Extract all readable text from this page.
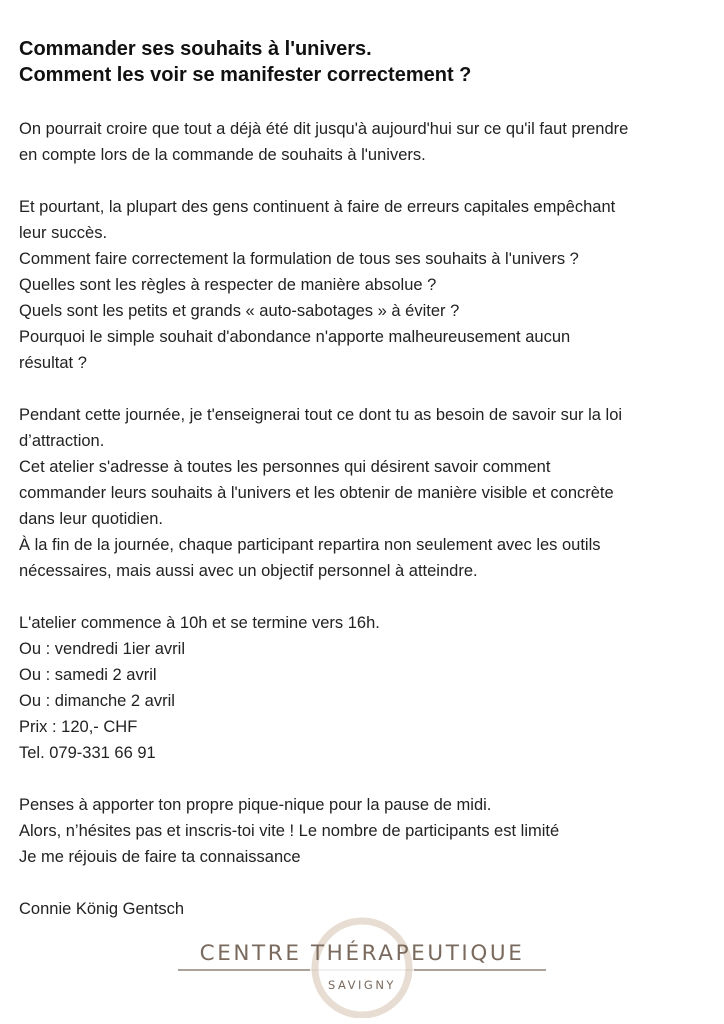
Commander ses souhaits à l'univers.
Comment les voir se manifester correctement ?

On pourrait croire que tout a déjà été dit jusqu'à aujourd'hui sur ce qu'il faut prendre
en compte lors de la commande de souhaits à l'univers.

Et pourtant, la plupart des gens continuent à faire de erreurs capitales empêchant
leur succès.
Comment faire correctement la formulation de tous ses souhaits à l'univers ?
Quelles sont les règles à respecter de manière absolue ?
Quels sont les petits et grands « auto-sabotages » à éviter ?
Pourquoi le simple souhait d'abondance n'apporte malheureusement aucun
résultat ?

Pendant cette journée, je t'enseignerai tout ce dont tu as besoin de savoir sur la loi
d’attraction.
Cet atelier s'adresse à toutes les personnes qui désirent savoir comment
commander leurs souhaits à l'univers et les obtenir de manière visible et concrète
dans leur quotidien.
À la fin de la journée, chaque participant repartira non seulement avec les outils
nécessaires, mais aussi avec un objectif personnel à atteindre.

L'atelier commence à 10h et se termine vers 16h.
Ou : vendredi 1ier avril
Ou : samedi 2 avril
Ou : dimanche 2 avril
Prix : 120,- CHF
Tel. 079-331 66 91

Penses à apporter ton propre pique-nique pour la pause de midi.
Alors, n’hésites pas et inscris-toi vite ! Le nombre de participants est limité
Je me réjouis de faire ta connaissance

Connie König Gentsch

CENTRE THÉRAPEUTIQUE
SAVIGNY
